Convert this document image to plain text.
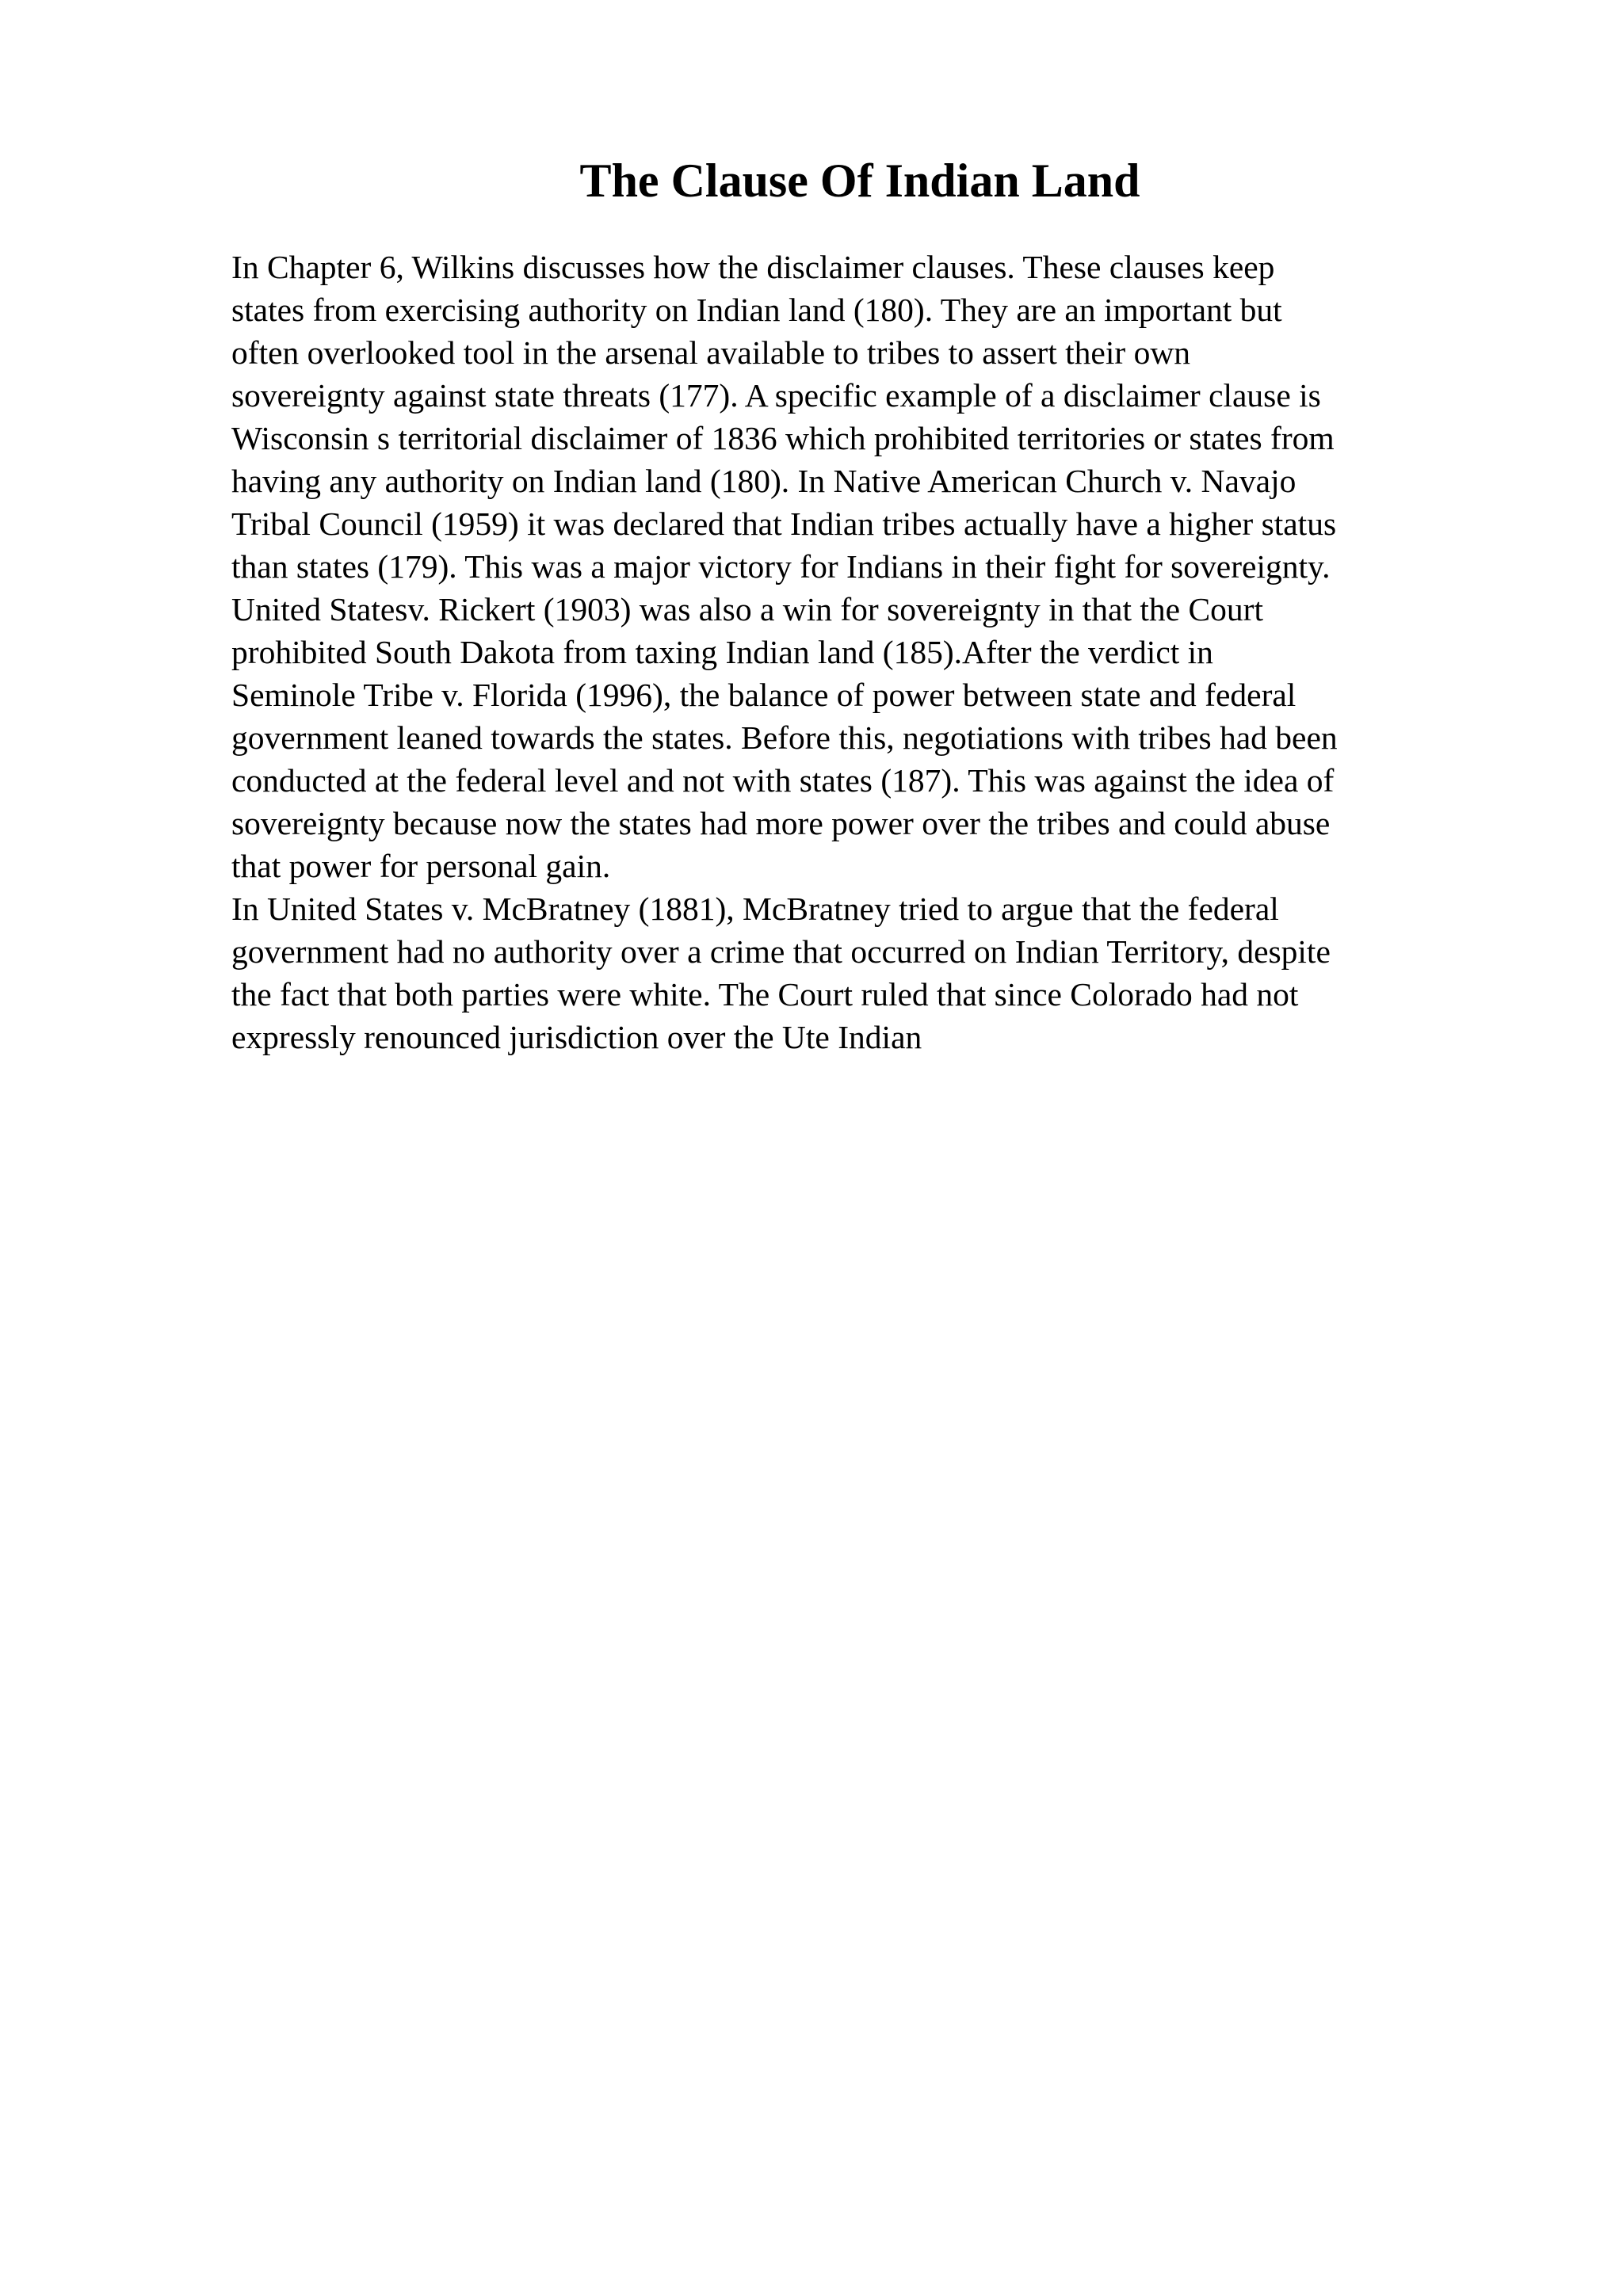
The Clause Of Indian Land
In Chapter 6, Wilkins discusses how the disclaimer clauses. These clauses keep
states from exercising authority on Indian land (180). They are an important but
often overlooked tool in the arsenal available to tribes to assert their own
sovereignty against state threats (177). A specific example of a disclaimer clause is
Wisconsin s territorial disclaimer of 1836 which prohibited territories or states from
having any authority on Indian land (180). In Native American Church v. Navajo
Tribal Council (1959) it was declared that Indian tribes actually have a higher status
than states (179). This was a major victory for Indians in their fight for sovereignty.
United Statesv. Rickert (1903) was also a win for sovereignty in that the Court
prohibited South Dakota from taxing Indian land (185).After the verdict in
Seminole Tribe v. Florida (1996), the balance of power between state and federal
government leaned towards the states. Before this, negotiations with tribes had been
conducted at the federal level and not with states (187). This was against the idea of
sovereignty because now the states had more power over the tribes and could abuse
that power for personal gain.
In United States v. McBratney (1881), McBratney tried to argue that the federal
government had no authority over a crime that occurred on Indian Territory, despite
the fact that both parties were white. The Court ruled that since Colorado had not
expressly renounced jurisdiction over the Ute Indian
